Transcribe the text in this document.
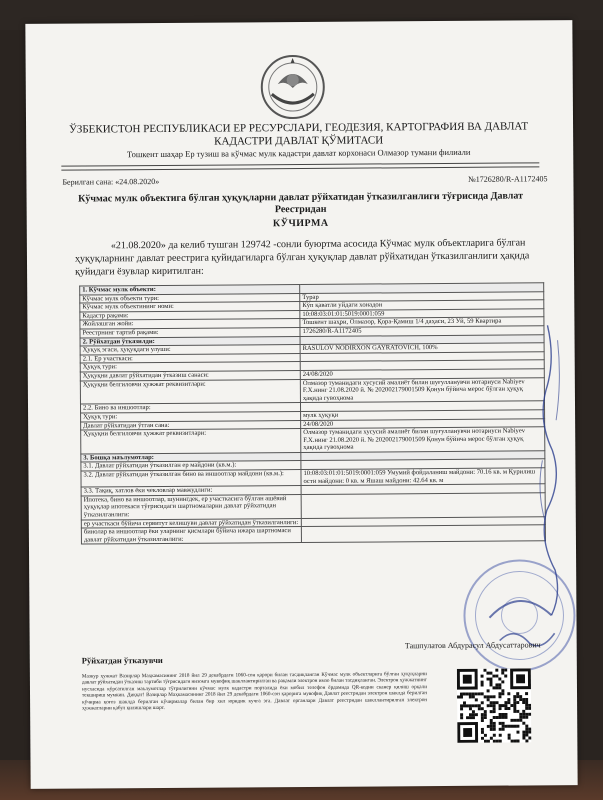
ЎЗБЕКИСТОН РЕСПУБЛИКАСИ ЕР РЕСУРСЛАРИ, ГЕОДЕЗИЯ, КАРТОГРАФИЯ ВА ДАВЛАТ КАДАСТРИ ДАВЛАТ ҚЎМИТАСИ
Тошкент шаҳар Ер тузиш ва кўчмас мулк кадастри давлат корхонаси Олмазор тумани филиали
Берилган сана: «24.08.2020»	№1726280/R-A1172405
Кўчмас мулк объектига бўлган ҳуқуқларни давлат рўйхатидан ўтказилганлиги тўғрисида Давлат Реестридан
КЎЧИРМА
«21.08.2020» да келиб тушган 129742 -сонли буюртма асосида Кўчмас мулк объектларига бўлган ҳуқуқларнинг давлат реестрига қуйидагиларга бўлган ҳуқуқлар давлат рўйхатидан ўтказилганлиги ҳақида қуйидаги ёзувлар киритилган:
1. Кўчмас мулк объекти:	
Кўчмас мулк объекти тури:	Турар
Кўчмас мулк объектининг номи:	Кўп қаватли уйдаги хонадон
Кадастр рақами:	10:08:03:01:01:5019:0001:059
Жойлашган жойи:	Тошкент шаҳри, Олмазор, Қора-Қамиш 1/4 даҳаси, 23 Уй, 59 Квартира
Реестрнинг тартиб рақами:	1726280/R-A1172405
2. Рўйхатдан ўтказилди:	
Ҳуқуқ эгаси, ҳуқуқдаги улуши:	RASULOV NODIRXON GAYRATOVICH, 100%
2.1. Ер участкаси:	
Ҳуқуқ тури:	
Ҳуқуқни давлат рўйхатидан ўтказиш санаси:	24/08/2020
Ҳуқуқни белгиловчи ҳужжат реквизитлари:	Олмазор туманидаги хусусий амалиёт билан шуғулланувчи нотариуси Nabiyev F.X.нинг 21.08.2020 й. № 202002179001509 Қонун бўйича мерос бўлган ҳуқуқ ҳақида гувоҳнома
2.2. Бино ва иншоотлар:	
Ҳуқуқ тури:	мулк ҳуқуқи
Давлат рўйхатидан ўтган сана:	24/08/2020
Ҳуқуқни белгиловчи ҳужжат реквизитлари:	Олмазор туманидаги хусусий амалиёт билан шуғулланувчи нотариуси Nabiyev F.X.нинг 21.08.2020 й. № 202002179001509 Қонун бўйича мерос бўлган ҳуқуқ ҳақида гувоҳнома
3. Бошқа маълумотлар:	
3.1. Давлат рўйхатидан ўтказилган ер майдони (кв.м.):	
3.2. Давлат рўйхатидан ўтказилган бино ва иншоотлар майдони (кв.м.):	10:08:03:01:01:5019:0001:059 Умумий фойдаланиш майдони: 70.16 кв. м Қурилиш ости майдони: 0 кв. м Яшаш майдони: 42.64 кв. м
3.3. Тақиқ, хатлов ёки чекловлар мавжудлиги:	
Ипотека, бино ва иншоотлар, шунингдек, ер участкасига бўлган ашёвий ҳуқуқлар ипотекаси тўғрисидаги шартномаларни давлат рўйхатидан ўтказилганлиги:	
ер участкаси бўйича сервитут келишуви давлат рўйхатидан ўтказилганлиги:	
бинолар ва иншоотлар ёки уларнинг қисмлари бўйича ижара шартномаси давлат рўйхатидан ўтказилганлиги:	
Ташпулатов Абдурасул Абдусаттарович
Рўйхатдан ўтказувчи
Мазкур ҳужжат Вазирлар Маҳкамасининг 2018 йил 29 декабрдаги 1060-сон қарори билан тасдиқланган Кўчмас мулк объектларига бўлган ҳуқуқларни давлат рўйхатидан ўтказиш тартиби тўғрисидаги низомга мувофиқ шакллантирилган ва рақамли электрон имзо билан тасдиқланган. Электрон ҳужжатнинг нусхасида кўрсатилган маълумотлар тўғрилигини кўчмас мулк кадастри порталида ёки мобил телефон ёрдамида QR-кодни сканер қилиш орқали текшириш мумкин. Диққат! Вазирлар Маҳкамасининг 2018 йил 29 декабрдаги 1060-сон қарорига мувофиқ Давлат реестридан электрон шаклда берилган кўчирма қоғоз шаклда берилган кўчирмалар билан бир хил юридик кучга эга. Давлат органлари Давлат реестридан шакллантирилган электрон ҳужжатларни қабул қилишлари шарт.
